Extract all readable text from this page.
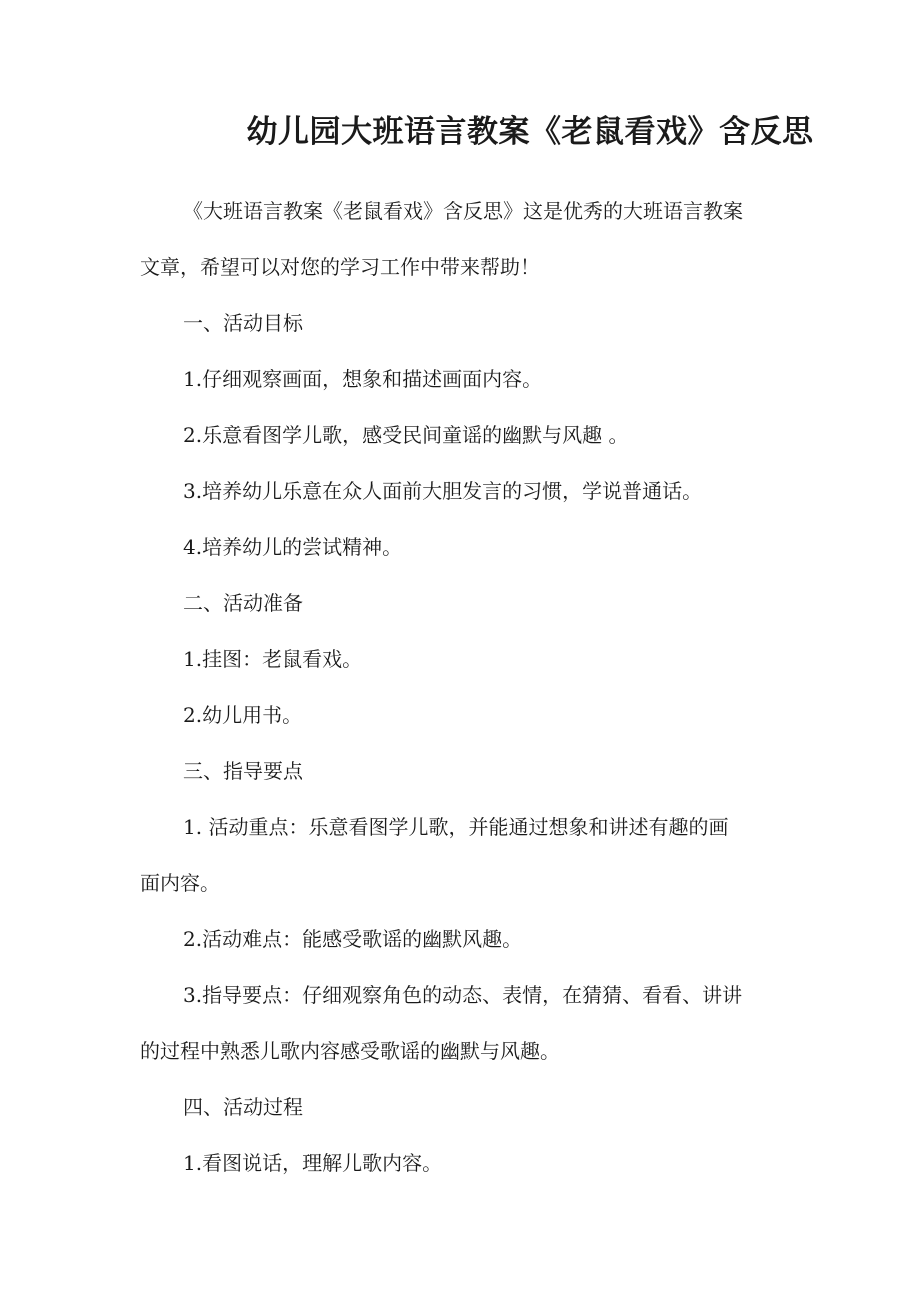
幼儿园大班语言教案《老鼠看戏》含反思

《大班语言教案《老鼠看戏》含反思》这是优秀的大班语言教案

文章，希望可以对您的学习工作中带来帮助！

一、活动目标

1.仔细观察画面，想象和描述画面内容。

2.乐意看图学儿歌，感受民间童谣的幽默与风趣 。

3.培养幼儿乐意在众人面前大胆发言的习惯，学说普通话。

4.培养幼儿的尝试精神。

二、活动准备

1.挂图：老鼠看戏。

2.幼儿用书。

三、指导要点

1. 活动重点：乐意看图学儿歌，并能通过想象和讲述有趣的画

面内容。

2.活动难点：能感受歌谣的幽默风趣。

3.指导要点：仔细观察角色的动态、表情，在猜猜、看看、讲讲

的过程中熟悉儿歌内容感受歌谣的幽默与风趣。

四、活动过程

1.看图说话，理解儿歌内容。
